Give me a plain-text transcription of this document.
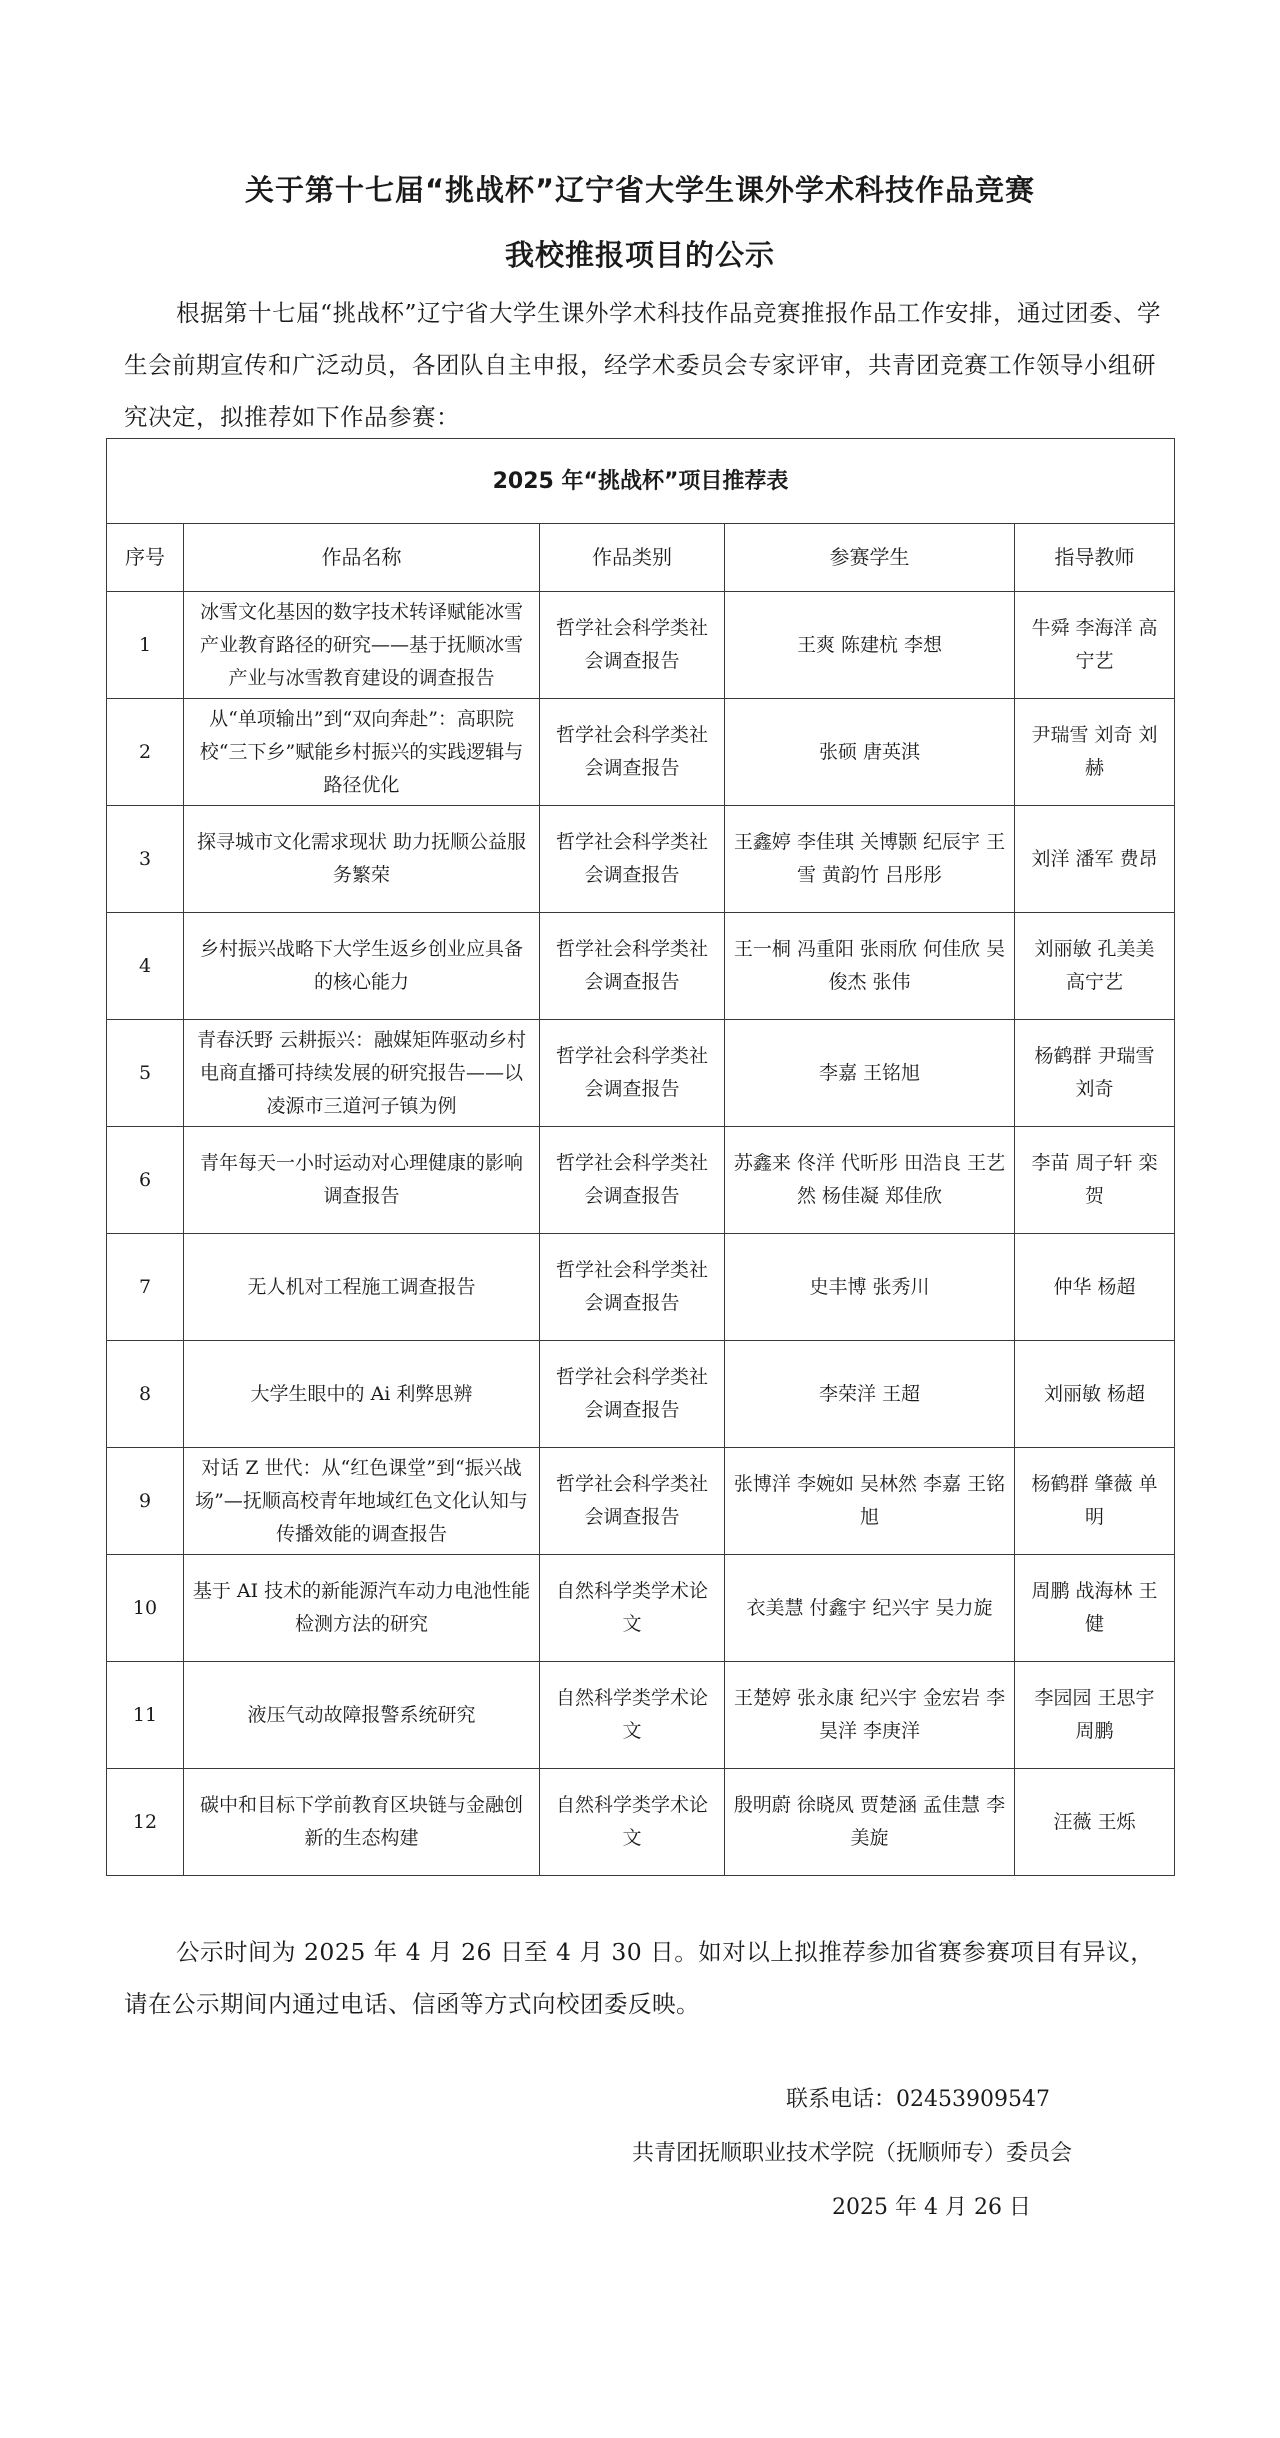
关于第十七届“挑战杯”辽宁省大学生课外学术科技作品竞赛
我校推报项目的公示

根据第十七届“挑战杯”辽宁省大学生课外学术科技作品竞赛推报作品工作安排，通过团委、学生会前期宣传和广泛动员，各团队自主申报，经学术委员会专家评审，共青团竞赛工作领导小组研究决定，拟推荐如下作品参赛：

2025 年“挑战杯”项目推荐表				
序号	作品名称	作品类别	参赛学生	指导教师
1	冰雪文化基因的数字技术转译赋能冰雪产业教育路径的研究——基于抚顺冰雪产业与冰雪教育建设的调查报告	哲学社会科学类社会调查报告	王爽 陈建杭 李想	牛舜 李海洋 高宁艺
2	从“单项输出”到“双向奔赴”：高职院校“三下乡”赋能乡村振兴的实践逻辑与路径优化	哲学社会科学类社会调查报告	张硕 唐英淇	尹瑞雪 刘奇 刘赫
3	探寻城市文化需求现状 助力抚顺公益服务繁荣	哲学社会科学类社会调查报告	王鑫婷 李佳琪 关博颢 纪辰宇 王雪 黄韵竹 吕彤彤	刘洋 潘军 费昂
4	乡村振兴战略下大学生返乡创业应具备的核心能力	哲学社会科学类社会调查报告	王一桐 冯重阳 张雨欣 何佳欣 吴俊杰 张伟	刘丽敏 孔美美 高宁艺
5	青春沃野 云耕振兴：融媒矩阵驱动乡村电商直播可持续发展的研究报告——以凌源市三道河子镇为例	哲学社会科学类社会调查报告	李嘉 王铭旭	杨鹤群 尹瑞雪 刘奇
6	青年每天一小时运动对心理健康的影响调查报告	哲学社会科学类社会调查报告	苏鑫来 佟洋 代昕彤 田浩良 王艺然 杨佳凝 郑佳欣	李苗 周子轩 栾贺
7	无人机对工程施工调查报告	哲学社会科学类社会调查报告	史丰博 张秀川	仲华 杨超
8	大学生眼中的 Ai 利弊思辨	哲学社会科学类社会调查报告	李荣洋 王超	刘丽敏 杨超
9	对话 Z 世代：从“红色课堂”到“振兴战场”—抚顺高校青年地域红色文化认知与传播效能的调查报告	哲学社会科学类社会调查报告	张博洋 李婉如 吴林然 李嘉 王铭旭	杨鹤群 肇薇 单明
10	基于 AI 技术的新能源汽车动力电池性能检测方法的研究	自然科学类学术论文	衣美慧 付鑫宇 纪兴宇 吴力旋	周鹏 战海林 王健
11	液压气动故障报警系统研究	自然科学类学术论文	王楚婷 张永康 纪兴宇 金宏岩 李昊洋 李庚洋	李园园 王思宇 周鹏
12	碳中和目标下学前教育区块链与金融创新的生态构建	自然科学类学术论文	殷明蔚 徐晓凤 贾楚涵 孟佳慧 李美旋	汪薇 王烁

公示时间为 2025 年 4 月 26 日至 4 月 30 日。如对以上拟推荐参加省赛参赛项目有异议，请在公示期间内通过电话、信函等方式向校团委反映。

联系电话：02453909547
共青团抚顺职业技术学院（抚顺师专）委员会
2025 年 4 月 26 日
